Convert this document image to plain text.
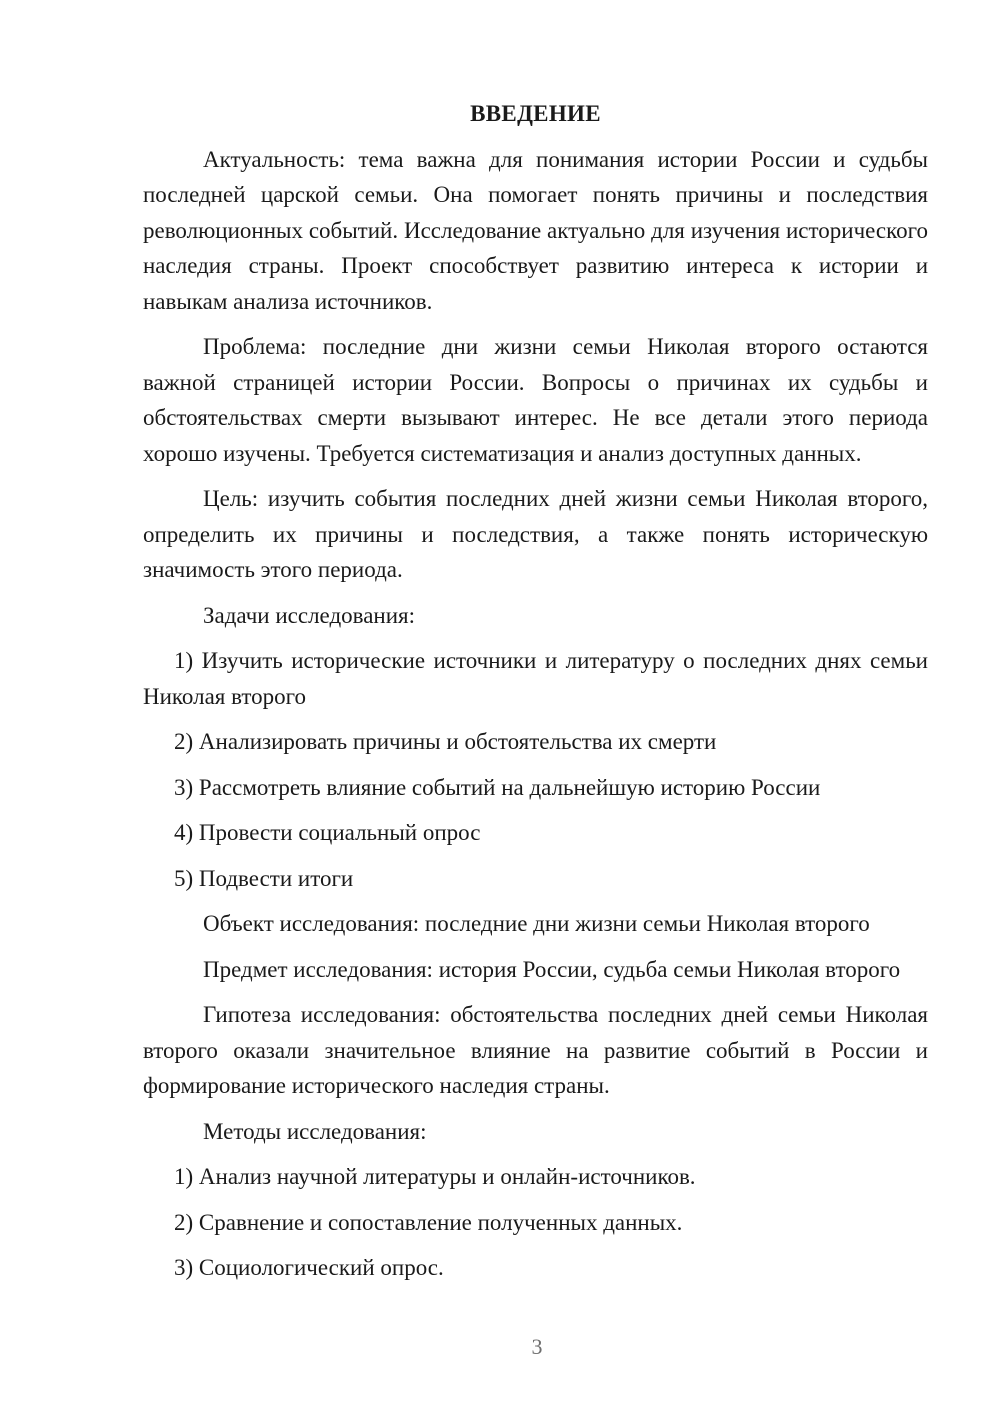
ВВЕДЕНИЕ
Актуальность: тема важна для понимания истории России и судьбы последней царской семьи. Она помогает понять причины и последствия революционных событий. Исследование актуально для изучения исторического наследия страны. Проект способствует развитию интереса к истории и навыкам анализа источников.
Проблема: последние дни жизни семьи Николая второго остаются важной страницей истории России. Вопросы о причинах их судьбы и обстоятельствах смерти вызывают интерес. Не все детали этого периода хорошо изучены. Требуется систематизация и анализ доступных данных.
Цель: изучить события последних дней жизни семьи Николая второго, определить их причины и последствия, а также понять историческую значимость этого периода.
Задачи исследования:
1) Изучить исторические источники и литературу о последних днях семьи Николая второго
2) Анализировать причины и обстоятельства их смерти
3) Рассмотреть влияние событий на дальнейшую историю России
4) Провести социальный опрос
5) Подвести итоги
Объект исследования: последние дни жизни семьи Николая второго
Предмет исследования: история России, судьба семьи Николая второго
Гипотеза исследования: обстоятельства последних дней семьи Николая второго оказали значительное влияние на развитие событий в России и формирование исторического наследия страны.
Методы исследования:
1) Анализ научной литературы и онлайн-источников.
2) Сравнение и сопоставление полученных данных.
3) Социологический опрос.
3
